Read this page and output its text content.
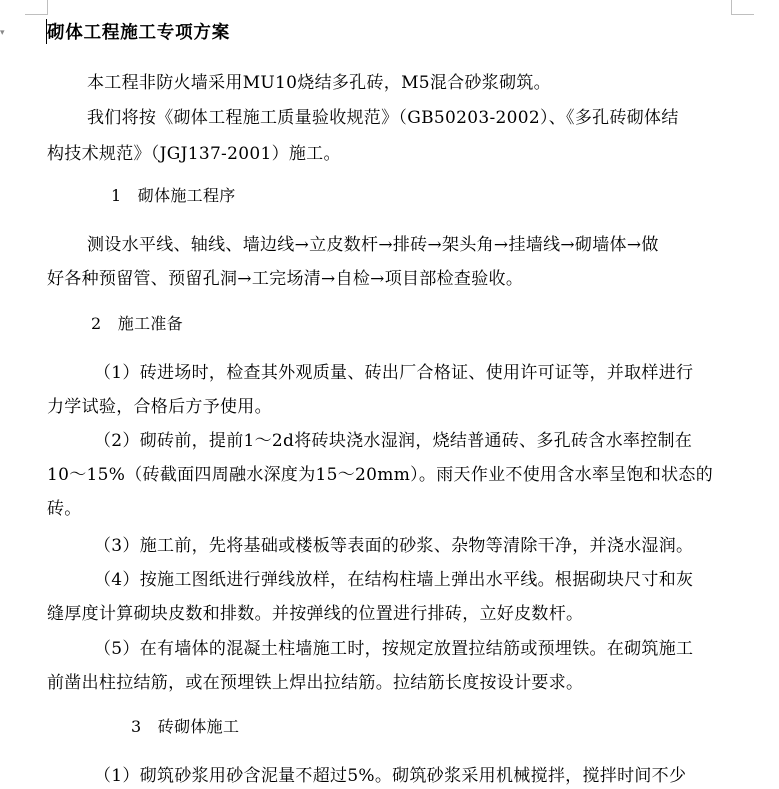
▾ 砌体工程施工专项方案
本工程非防火墙采用MU10烧结多孔砖，M5混合砂浆砌筑。
我们将按《砌体工程施工质量验收规范》（GB50203-2002）、《多孔砖砌体结
构技术规范》（JGJ137-2001）施工。
1　砌体施工程序
测设水平线、轴线、墙边线→立皮数杆→排砖→架头角→挂墙线→砌墙体→做
好各种预留管、预留孔洞→工完场清→自检→项目部检查验收。
2　施工准备
（1）砖进场时，检查其外观质量、砖出厂合格证、使用许可证等，并取样进行
力学试验，合格后方予使用。
（2）砌砖前，提前1～2d将砖块浇水湿润，烧结普通砖、多孔砖含水率控制在
10～15%（砖截面四周融水深度为15～20mm）。雨天作业不使用含水率呈饱和状态的
砖。
（3）施工前，先将基础或楼板等表面的砂浆、杂物等清除干净，并浇水湿润。
（4）按施工图纸进行弹线放样，在结构柱墙上弹出水平线。根据砌块尺寸和灰
缝厚度计算砌块皮数和排数。并按弹线的位置进行排砖，立好皮数杆。
（5）在有墙体的混凝土柱墙施工时，按规定放置拉结筋或预埋铁。在砌筑施工
前凿出柱拉结筋，或在预埋铁上焊出拉结筋。拉结筋长度按设计要求。
3　砖砌体施工
（1）砌筑砂浆用砂含泥量不超过5%。砌筑砂浆采用机械搅拌，搅拌时间不少
